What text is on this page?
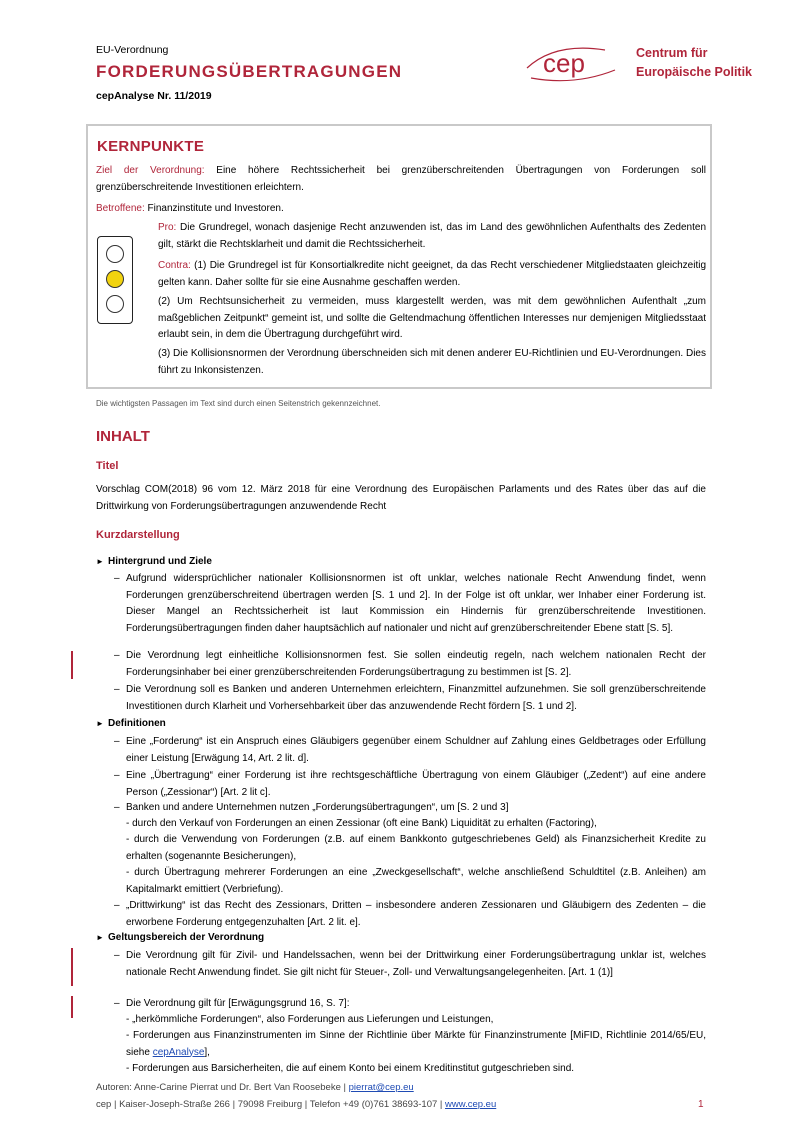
EU-Verordnung
FORDERUNGSÜBERTRAGUNGEN
cepAnalyse Nr. 11/2019
cep	Centrum für
Europäische Politik
KERNPUNKTE
Ziel der Verordnung: Eine höhere Rechtssicherheit bei grenzüberschreitenden Übertragungen von Forderungen soll grenzüberschreitende Investitionen erleichtern.
Betroffene: Finanzinstitute und Investoren.
Pro: Die Grundregel, wonach dasjenige Recht anzuwenden ist, das im Land des gewöhnlichen Aufenthalts des Zedenten gilt, stärkt die Rechtsklarheit und damit die Rechtssicherheit.
Contra: (1) Die Grundregel ist für Konsortialkredite nicht geeignet, da das Recht verschiedener Mitgliedstaaten gleichzeitig gelten kann. Daher sollte für sie eine Ausnahme geschaffen werden.
(2) Um Rechtsunsicherheit zu vermeiden, muss klargestellt werden, was mit dem gewöhnlichen Aufenthalt „zum maßgeblichen Zeitpunkt“ gemeint ist, und sollte die Geltendmachung öffentlichen Interesses nur demjenigen Mitgliedsstaat erlaubt sein, in dem die Übertragung durchgeführt wird.
(3) Die Kollisionsnormen der Verordnung überschneiden sich mit denen anderer EU-Richtlinien und EU-Verordnungen. Dies führt zu Inkonsistenzen.
Die wichtigsten Passagen im Text sind durch einen Seitenstrich gekennzeichnet.
INHALT
Titel
Vorschlag COM(2018) 96 vom 12. März 2018 für eine Verordnung des Europäischen Parlaments und des Rates über das auf die Drittwirkung von Forderungsübertragungen anzuwendende Recht
Kurzdarstellung
► Hintergrund und Ziele
– Aufgrund widersprüchlicher nationaler Kollisionsnormen ist oft unklar, welches nationale Recht Anwendung findet, wenn Forderungen grenzüberschreitend übertragen werden [S. 1 und 2]. In der Folge ist oft unklar, wer Inhaber einer Forderung ist. Dieser Mangel an Rechtssicherheit ist laut Kommission ein Hindernis für grenzüberschreitende Investitionen. Forderungsübertragungen finden daher hauptsächlich auf nationaler und nicht auf grenzüberschreitender Ebene statt [S. 5].
– Die Verordnung legt einheitliche Kollisionsnormen fest. Sie sollen eindeutig regeln, nach welchem nationalen Recht der Forderungsinhaber bei einer grenzüberschreitenden Forderungsübertragung zu bestimmen ist [S. 2].
– Die Verordnung soll es Banken und anderen Unternehmen erleichtern, Finanzmittel aufzunehmen. Sie soll grenzüberschreitende Investitionen durch Klarheit und Vorhersehbarkeit über das anzuwendende Recht fördern [S. 1 und 2].
► Definitionen
– Eine „Forderung“ ist ein Anspruch eines Gläubigers gegenüber einem Schuldner auf Zahlung eines Geldbetrages oder Erfüllung einer Leistung [Erwägung 14, Art. 2 lit. d].
– Eine „Übertragung“ einer Forderung ist ihre rechtsgeschäftliche Übertragung von einem Gläubiger („Zedent“) auf eine andere Person („Zessionar“) [Art. 2 lit c].
– Banken und andere Unternehmen nutzen „Forderungsübertragungen“, um [S. 2 und 3]
- durch den Verkauf von Forderungen an einen Zessionar (oft eine Bank) Liquidität zu erhalten (Factoring),
- durch die Verwendung von Forderungen (z.B. auf einem Bankkonto gutgeschriebenes Geld) als Finanzsicherheit Kredite zu erhalten (sogenannte Besicherungen),
- durch Übertragung mehrerer Forderungen an eine „Zweckgesellschaft“, welche anschließend Schuldtitel (z.B. Anleihen) am Kapitalmarkt emittiert (Verbriefung).
– „Drittwirkung“ ist das Recht des Zessionars, Dritten – insbesondere anderen Zessionaren und Gläubigern des Zedenten – die erworbene Forderung entgegenzuhalten [Art. 2 lit. e].
► Geltungsbereich der Verordnung
– Die Verordnung gilt für Zivil- und Handelssachen, wenn bei der Drittwirkung einer Forderungsübertragung unklar ist, welches nationale Recht Anwendung findet. Sie gilt nicht für Steuer-, Zoll- und Verwaltungsangelegenheiten. [Art. 1 (1)]
– Die Verordnung gilt für [Erwägungsgrund 16, S. 7]:
- „herkömmliche Forderungen“, also Forderungen aus Lieferungen und Leistungen,
- Forderungen aus Finanzinstrumenten im Sinne der Richtlinie über Märkte für Finanzinstrumente [MiFID, Richtlinie 2014/65/EU, siehe cepAnalyse],
- Forderungen aus Barsicherheiten, die auf einem Konto bei einem Kreditinstitut gutgeschrieben sind.
Autoren: Anne-Carine Pierrat und Dr. Bert Van Roosebeke | pierrat@cep.eu
cep | Kaiser-Joseph-Straße 266 | 79098 Freiburg | Telefon +49 (0)761 38693-107 | www.cep.eu	1
